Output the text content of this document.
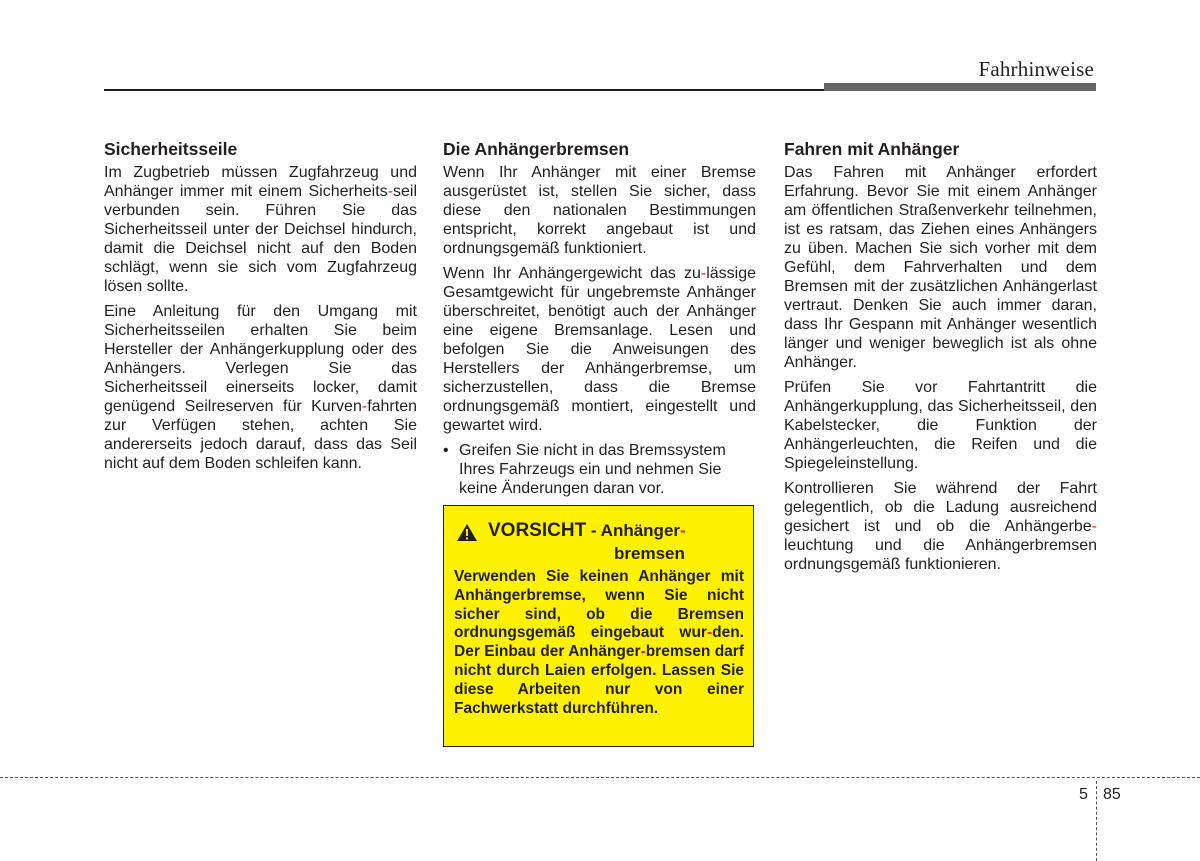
Fahrhinweise
Sicherheitsseile

Im Zugbetrieb müssen Zugfahrzeug und Anhänger immer mit einem Sicherheits-seil verbunden sein. Führen Sie das Sicherheitsseil unter der Deichsel hindurch, damit die Deichsel nicht auf den Boden schlägt, wenn sie sich vom Zugfahrzeug lösen sollte.

Eine Anleitung für den Umgang mit Sicherheitsseilen erhalten Sie beim Hersteller der Anhängerkupplung oder des Anhängers. Verlegen Sie das Sicherheitsseil einerseits locker, damit genügend Seilreserven für Kurven-fahrten zur Verfügen stehen, achten Sie andererseits jedoch darauf, dass das Seil nicht auf dem Boden schleifen kann.

Die Anhängerbremsen

Wenn Ihr Anhänger mit einer Bremse ausgerüstet ist, stellen Sie sicher, dass diese den nationalen Bestimmungen entspricht, korrekt angebaut ist und ordnungsgemäß funktioniert.

Wenn Ihr Anhängergewicht das zu-lässige Gesamtgewicht für ungebremste Anhänger überschreitet, benötigt auch der Anhänger eine eigene Bremsanlage. Lesen und befolgen Sie die Anweisungen des Herstellers der Anhängerbremse, um sicherzustellen, dass die Bremse ordnungsgemäß montiert, eingestellt und gewartet wird.

• Greifen Sie nicht in das Bremssystem Ihres Fahrzeugs ein und nehmen Sie keine Änderungen daran vor.
VORSICHT - Anhänger-
bremsen
Verwenden Sie keinen Anhänger mit Anhängerbremse, wenn Sie nicht sicher sind, ob die Bremsen ordnungsgemäß eingebaut wur-den. Der Einbau der Anhänger-bremsen darf nicht durch Laien erfolgen. Lassen Sie diese Arbeiten nur von einer Fachwerkstatt durchführen.
Fahren mit Anhänger

Das Fahren mit Anhänger erfordert Erfahrung. Bevor Sie mit einem Anhänger am öffentlichen Straßenverkehr teilnehmen, ist es ratsam, das Ziehen eines Anhängers zu üben. Machen Sie sich vorher mit dem Gefühl, dem Fahrverhalten und dem Bremsen mit der zusätzlichen Anhängerlast vertraut. Denken Sie auch immer daran, dass Ihr Gespann mit Anhänger wesentlich länger und weniger beweglich ist als ohne Anhänger.

Prüfen Sie vor Fahrtantritt die Anhängerkupplung, das Sicherheitsseil, den Kabelstecker, die Funktion der Anhängerleuchten, die Reifen und die Spiegeleinstellung.

Kontrollieren Sie während der Fahrt gelegentlich, ob die Ladung ausreichend gesichert ist und ob die Anhängerbe-leuchtung und die Anhängerbremsen ordnungsgemäß funktionieren.

5 85
